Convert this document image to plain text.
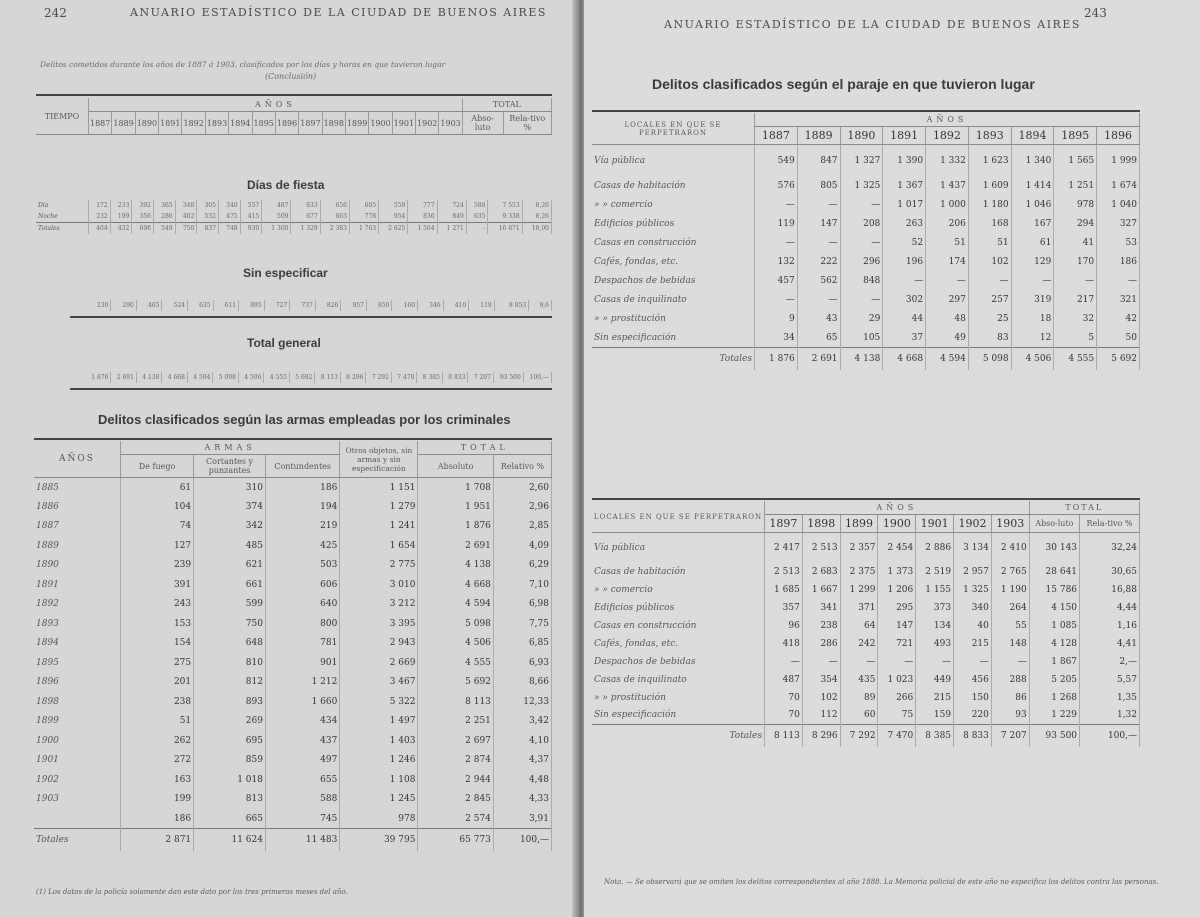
242	ANUARIO ESTADÍSTICO DE LA CIUDAD DE BUENOS AIRES
Delitos cometidos durante los años de 1887 á 1903, clasificados por los días y horas en que tuvieron lugar
(Conclusión)
TIEMPO	AÑOS																TOTAL	
	1887	1889	1890	1891	1892	1893	1894	1895	1896	1897	1898	1899	1900	1901	1902	1903	Abso-luto	Rela-tivo %
Días de fiesta
Día	172	233	392	365	348	305	340	557	487	633	656	605	559	777	724	588	7 553	8,26
Noche	232	199	356	286	402	532	475	415	509	677	663	778	954	836	849	635	9 338	8,26
Totales	404	432	698	549	750	837	748	930	1 300	1 329	2 383	1 763	2 625	1 564	1 271	-	16 871	18,00
Sin especificar
230	290	465	524	635	611	895	727	737	826	957	850	160	346	410	119	8 853	9,6
Total general
1 876	2 691	4 138	4 668	4 594	5 098	4 506	4 555	5 692	8 113	8 296	7 292	7 470	8 385	8 833	7 207	93 500	100,—
Delitos clasificados según las armas empleadas por los criminales
AÑOS	ARMAS			Otros objetos, sin armas y sin especificación	TOTAL	
	De fuego	Cortantes y punzantes	Contundentes		Absoluto	Relativo %
1885	61	310	186	1 151	1 708	2,60
1886	104	374	194	1 279	1 951	2,96
1887	74	342	219	1 241	1 876	2,85
1889	127	485	425	1 654	2 691	4,09
1890	239	621	503	2 775	4 138	6,29
1891	391	661	606	3 010	4 668	7,10
1892	243	599	640	3 212	4 594	6,98
1893	153	750	800	3 395	5 098	7,75
1894	154	648	781	2 943	4 506	6,85
1895	275	810	901	2 669	4 555	6,93
1896	201	812	1 212	3 467	5 692	8,66
1898	238	893	1 660	5 322	8 113	12,33
1899	51	269	434	1 497	2 251	3,42
1900	262	695	437	1 403	2 697	4,10
1901	272	859	497	1 246	2 874	4,37
1902	163	1 018	655	1 108	2 944	4,48
1903	199	813	588	1 245	2 845	4,33
	186	665	745	978	2 574	3,91
Totales	2 871	11 624	11 483	39 795	65 773	100,—
(1) Los datos de la policía solamente dan este dato por los tres primeros meses del año.
ANUARIO ESTADÍSTICO DE LA CIUDAD DE BUENOS AIRES
243
Delitos clasificados según el paraje en que tuvieron lugar
LOCALES EN QUE SE PERPETRARON	AÑOS								
	1887	1889	1890	1891	1892	1893	1894	1895	1896
Vía pública	549	847	1 327	1 390	1 332	1 623	1 340	1 565	1 999
Casas de habitación	576	805	1 325	1 367	1 437	1 609	1 414	1 251	1 674
» » comercio	—	—	—	1 017	1 000	1 180	1 046	978	1 040
Edificios públicos	119	147	208	263	206	168	167	294	327
Casas en construcción	—	—	—	52	51	51	61	41	53
Cafés, fondas, etc.	132	222	296	196	174	102	129	170	186
Despachos de bebidas	457	562	848	—	—	—	—	—	—
Casas de inquilinato	—	—	—	302	297	257	319	217	321
» » prostitución	9	43	29	44	48	25	18	32	42
Sin especificación	34	65	105	37	49	83	12	5	50
Totales	1 876	2 691	4 138	4 668	4 594	5 098	4 506	4 555	5 692
LOCALES EN QUE SE PERPETRARON	AÑOS							TOTAL	
	1897	1898	1899	1900	1901	1902	1903	Abso-luto	Rela-tivo %
Vía pública	2 417	2 513	2 357	2 454	2 886	3 134	2 410	30 143	32,24
Casas de habitación	2 513	2 683	2 375	1 373	2 519	2 957	2 765	28 641	30,65
» » comercio	1 685	1 667	1 299	1 206	1 155	1 325	1 190	15 786	16,88
Edificios públicos	357	341	371	295	373	340	264	4 150	4,44
Casas en construcción	96	238	64	147	134	40	55	1 085	1,16
Cafés, fondas, etc.	418	286	242	721	493	215	148	4 128	4,41
Despachos de bebidas	—	—	—	—	—	—	—	1 867	2,—
Casas de inquilinato	487	354	435	1 023	449	456	288	5 205	5,57
» » prostitución	70	102	89	266	215	150	86	1 268	1,35
Sin especificación	70	112	60	75	159	220	93	1 229	1,32
Totales	8 113	8 296	7 292	7 470	8 385	8 833	7 207	93 500	100,—
Nota. — Se observará que se omiten los delitos correspondientes al año 1888. La Memoria policial de este año no especifica los delitos contra las personas.
